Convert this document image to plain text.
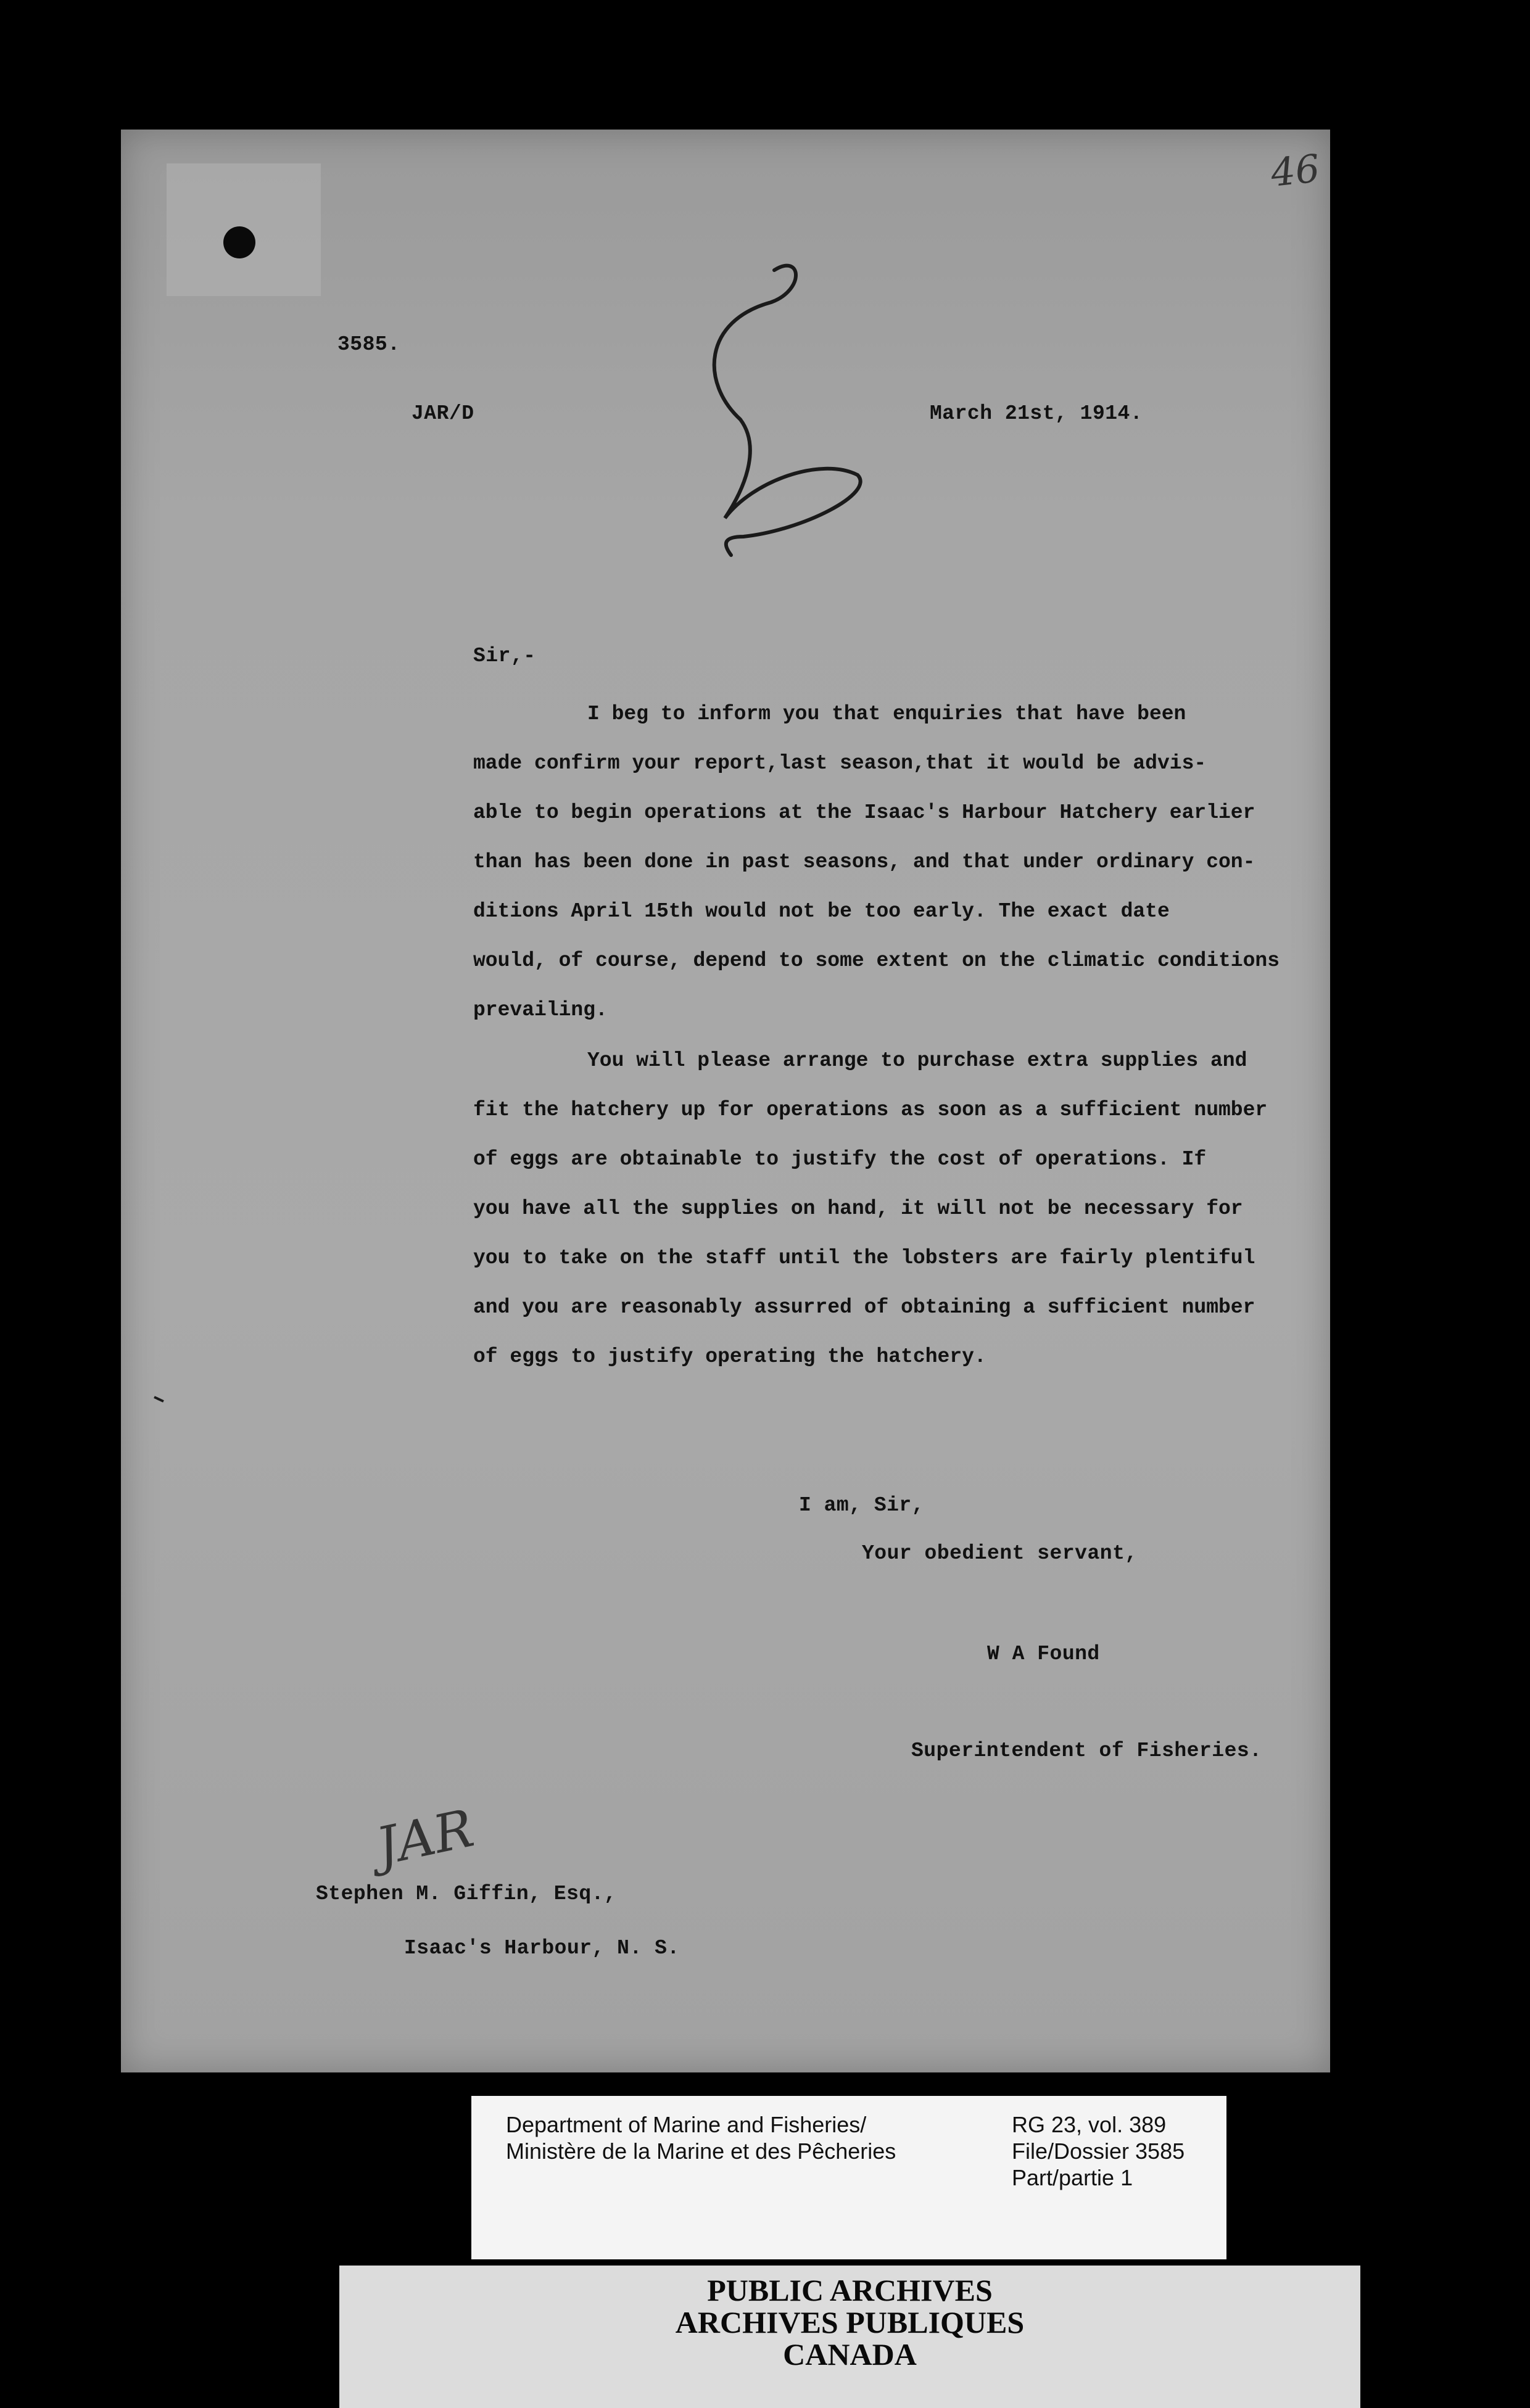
46
3585.
JAR/D	March 21st, 1914.
Sir,-
I beg to inform you that enquiries that have been
made confirm your report,last season,that it would be advis-
able to begin operations at the Isaac's Harbour Hatchery earlier
than has been done in past seasons, and that under ordinary con-
ditions April 15th would not be too early. The exact date
would, of course, depend to some extent on the climatic conditions
prevailing.
You will please arrange to purchase extra supplies and
fit the hatchery up for operations as soon as a sufficient number
of eggs are obtainable to justify the cost of operations. If
you have all the supplies on hand, it will not be necessary for
you to take on the staff until the lobsters are fairly plentiful
and you are reasonably assurred of obtaining a sufficient number
of eggs to justify operating the hatchery.
I am, Sir,
Your obedient servant,
W A Found
Superintendent of Fisheries.
JAR
Stephen M. Giffin, Esq.,
Isaac's Harbour, N. S.
Department of Marine and Fisheries/
Ministère de la Marine et des Pêcheries
RG 23, vol. 389
File/Dossier 3585
Part/partie 1
PUBLIC ARCHIVES
ARCHIVES PUBLIQUES
CANADA
